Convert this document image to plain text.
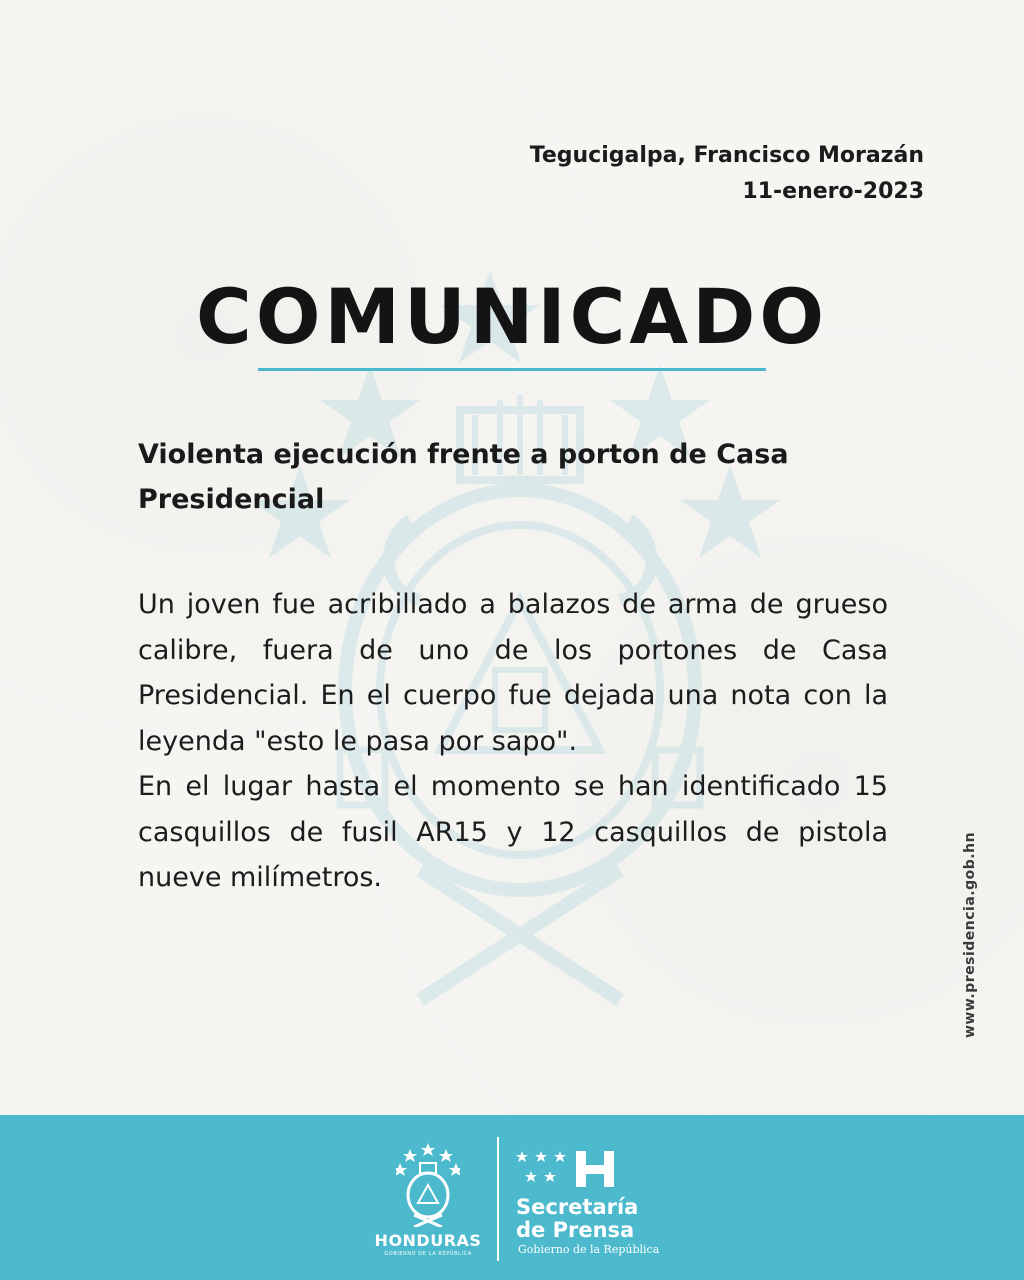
Tegucigalpa, Francisco Morazán
11-enero-2023
COMUNICADO
Violenta ejecución frente a porton de Casa
Presidencial

Un joven fue acribillado a balazos de arma de grueso calibre, fuera de uno de los portones de Casa Presidencial. En el cuerpo fue dejada una nota con la leyenda "esto le pasa por sapo".

En el lugar hasta el momento se han identificado 15 casquillos de fusil AR15 y 12 casquillos de pistola nueve milímetros.	www.presidencia.gob.hn
HONDURAS
GOBIERNO DE LA REPÚBLICA
Secretaría
de Prensa
Gobierno de la República
